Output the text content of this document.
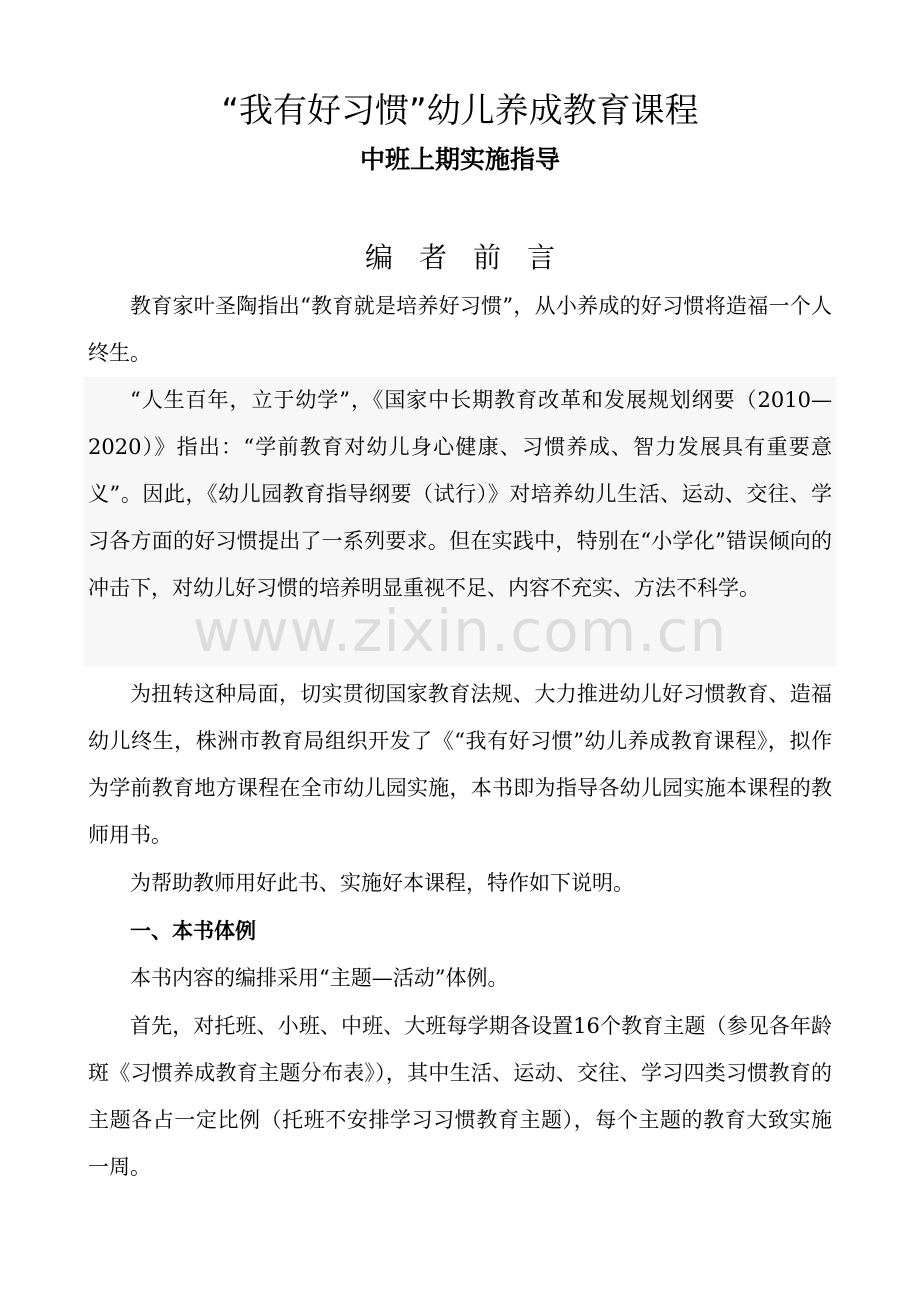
“我有好习惯”幼儿养成教育课程
中班上期实施指导
编者前言

教育家叶圣陶指出“教育就是培养好习惯”，从小养成的好习惯将造福一个人终生。

“人生百年，立于幼学”，《国家中长期教育改革和发展规划纲要（2010—2020）》指出：“学前教育对幼儿身心健康、习惯养成、智力发展具有重要意义”。因此，《幼儿园教育指导纲要（试行）》对培养幼儿生活、运动、交往、学习各方面的好习惯提出了一系列要求。但在实践中，特别在“小学化”错误倾向的冲击下，对幼儿好习惯的培养明显重视不足、内容不充实、方法不科学。

www.zixin.com.cn

为扭转这种局面，切实贯彻国家教育法规、大力推进幼儿好习惯教育、造福幼儿终生，株洲市教育局组织开发了《“我有好习惯”幼儿养成教育课程》，拟作为学前教育地方课程在全市幼儿园实施，本书即为指导各幼儿园实施本课程的教师用书。

为帮助教师用好此书、实施好本课程，特作如下说明。

一、本书体例

本书内容的编排采用“主题—活动”体例。

首先，对托班、小班、中班、大班每学期各设置16个教育主题（参见各年龄斑《习惯养成教育主题分布表》），其中生活、运动、交往、学习四类习惯教育的主题各占一定比例（托班不安排学习习惯教育主题），每个主题的教育大致实施一周。
